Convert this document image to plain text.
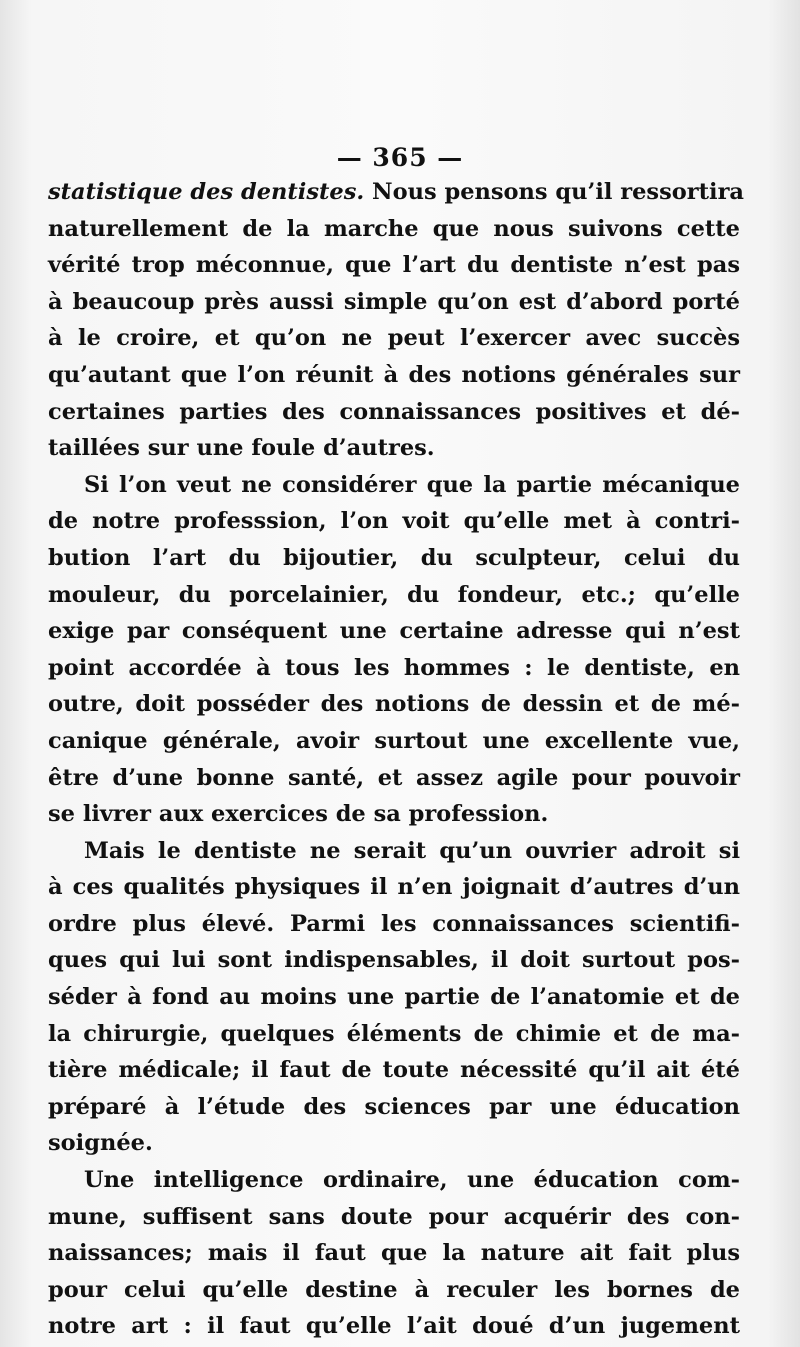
— 365 —
statistique des dentistes. Nous pensons qu’il ressortira
naturellement de la marche que nous suivons cette
vérité trop méconnue, que l’art du dentiste n’est pas
à beaucoup près aussi simple qu’on est d’abord porté
à le croire, et qu’on ne peut l’exercer avec succès
qu’autant que l’on réunit à des notions générales sur
certaines parties des connaissances positives et dé-
taillées sur une foule d’autres.
Si l’on veut ne considérer que la partie mécanique
de notre professsion, l’on voit qu’elle met à contri-
bution l’art du bijoutier, du sculpteur, celui du
mouleur, du porcelainier, du fondeur, etc.; qu’elle
exige par conséquent une certaine adresse qui n’est
point accordée à tous les hommes : le dentiste, en
outre, doit posséder des notions de dessin et de mé-
canique générale, avoir surtout une excellente vue,
être d’une bonne santé, et assez agile pour pouvoir
se livrer aux exercices de sa profession.
Mais le dentiste ne serait qu’un ouvrier adroit si
à ces qualités physiques il n’en joignait d’autres d’un
ordre plus élevé. Parmi les connaissances scientifi-
ques qui lui sont indispensables, il doit surtout pos-
séder à fond au moins une partie de l’anatomie et de
la chirurgie, quelques éléments de chimie et de ma-
tière médicale; il faut de toute nécessité qu’il ait été
préparé à l’étude des sciences par une éducation
soignée.
Une intelligence ordinaire, une éducation com-
mune, suffisent sans doute pour acquérir des con-
naissances; mais il faut que la nature ait fait plus
pour celui qu’elle destine à reculer les bornes de
notre art : il faut qu’elle l’ait doué d’un jugement
